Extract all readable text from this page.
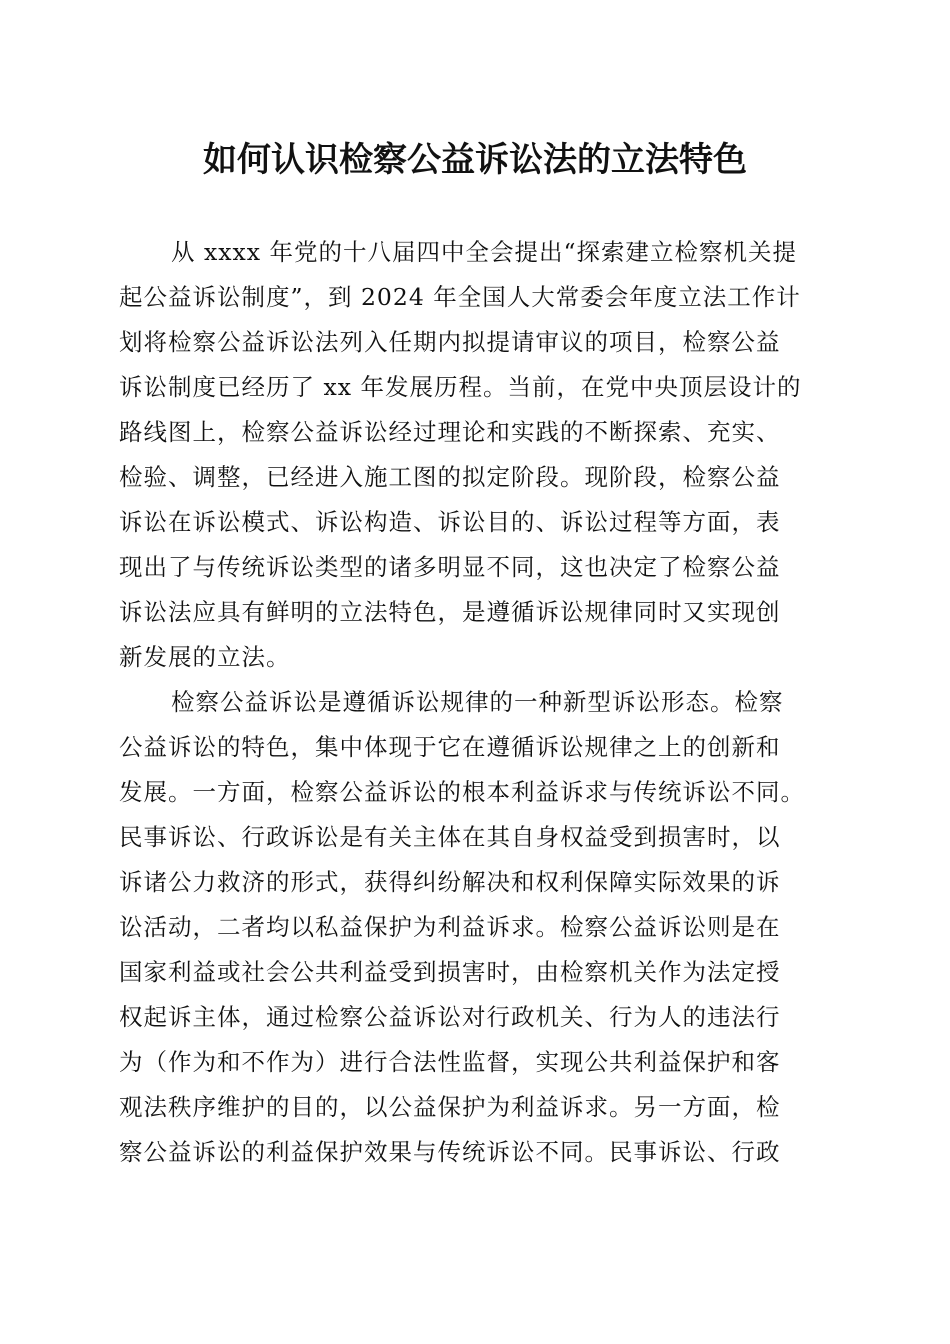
如何认识检察公益诉讼法的立法特色
从 xxxx 年党的十八届四中全会提出“探索建立检察机关提
起公益诉讼制度”，到 2024 年全国人大常委会年度立法工作计
划将检察公益诉讼法列入任期内拟提请审议的项目，检察公益
诉讼制度已经历了 xx 年发展历程。当前，在党中央顶层设计的
路线图上，检察公益诉讼经过理论和实践的不断探索、充实、
检验、调整，已经进入施工图的拟定阶段。现阶段，检察公益
诉讼在诉讼模式、诉讼构造、诉讼目的、诉讼过程等方面，表
现出了与传统诉讼类型的诸多明显不同，这也决定了检察公益
诉讼法应具有鲜明的立法特色，是遵循诉讼规律同时又实现创
新发展的立法。
检察公益诉讼是遵循诉讼规律的一种新型诉讼形态。检察
公益诉讼的特色，集中体现于它在遵循诉讼规律之上的创新和
发展。一方面，检察公益诉讼的根本利益诉求与传统诉讼不同。
民事诉讼、行政诉讼是有关主体在其自身权益受到损害时，以
诉诸公力救济的形式，获得纠纷解决和权利保障实际效果的诉
讼活动，二者均以私益保护为利益诉求。检察公益诉讼则是在
国家利益或社会公共利益受到损害时，由检察机关作为法定授
权起诉主体，通过检察公益诉讼对行政机关、行为人的违法行
为（作为和不作为）进行合法性监督，实现公共利益保护和客
观法秩序维护的目的，以公益保护为利益诉求。另一方面，检
察公益诉讼的利益保护效果与传统诉讼不同。民事诉讼、行政
